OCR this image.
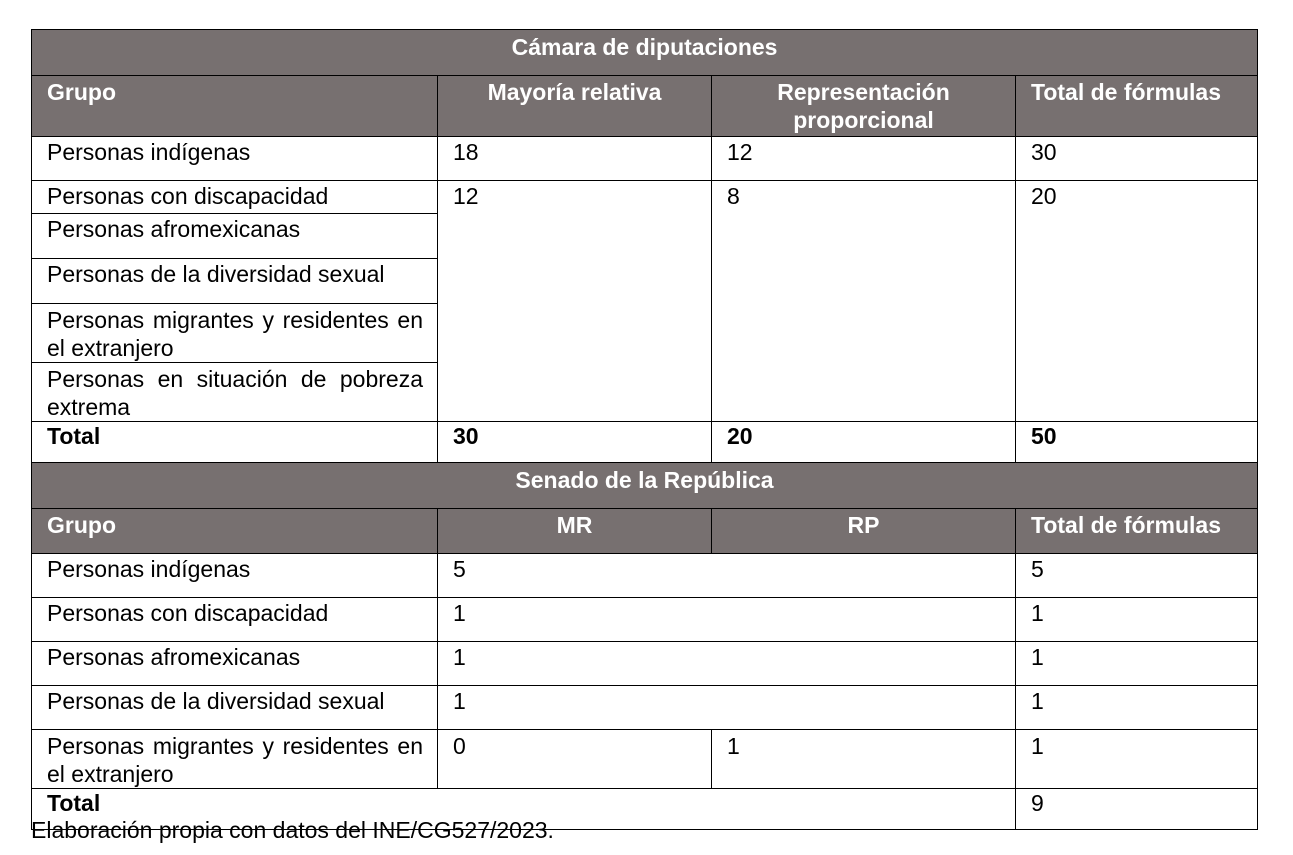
Cámara de diputaciones			
Grupo	Mayoría relativa	Representación proporcional	Total de fórmulas
Personas indígenas	18	12	30
Personas con discapacidad	12	8	20
Personas afromexicanas			
Personas de la diversidad sexual			
Personas migrantes y residentes en el extranjero			
Personas en situación de pobreza extrema			
Total	30	20	50
Senado de la República			
Grupo	MR	RP	Total de fórmulas
Personas indígenas	5		5
Personas con discapacidad	1		1
Personas afromexicanas	1		1
Personas de la diversidad sexual	1		1
Personas migrantes y residentes en el extranjero	0	1	1
Total			9
Elaboración propia con datos del INE/CG527/2023.
